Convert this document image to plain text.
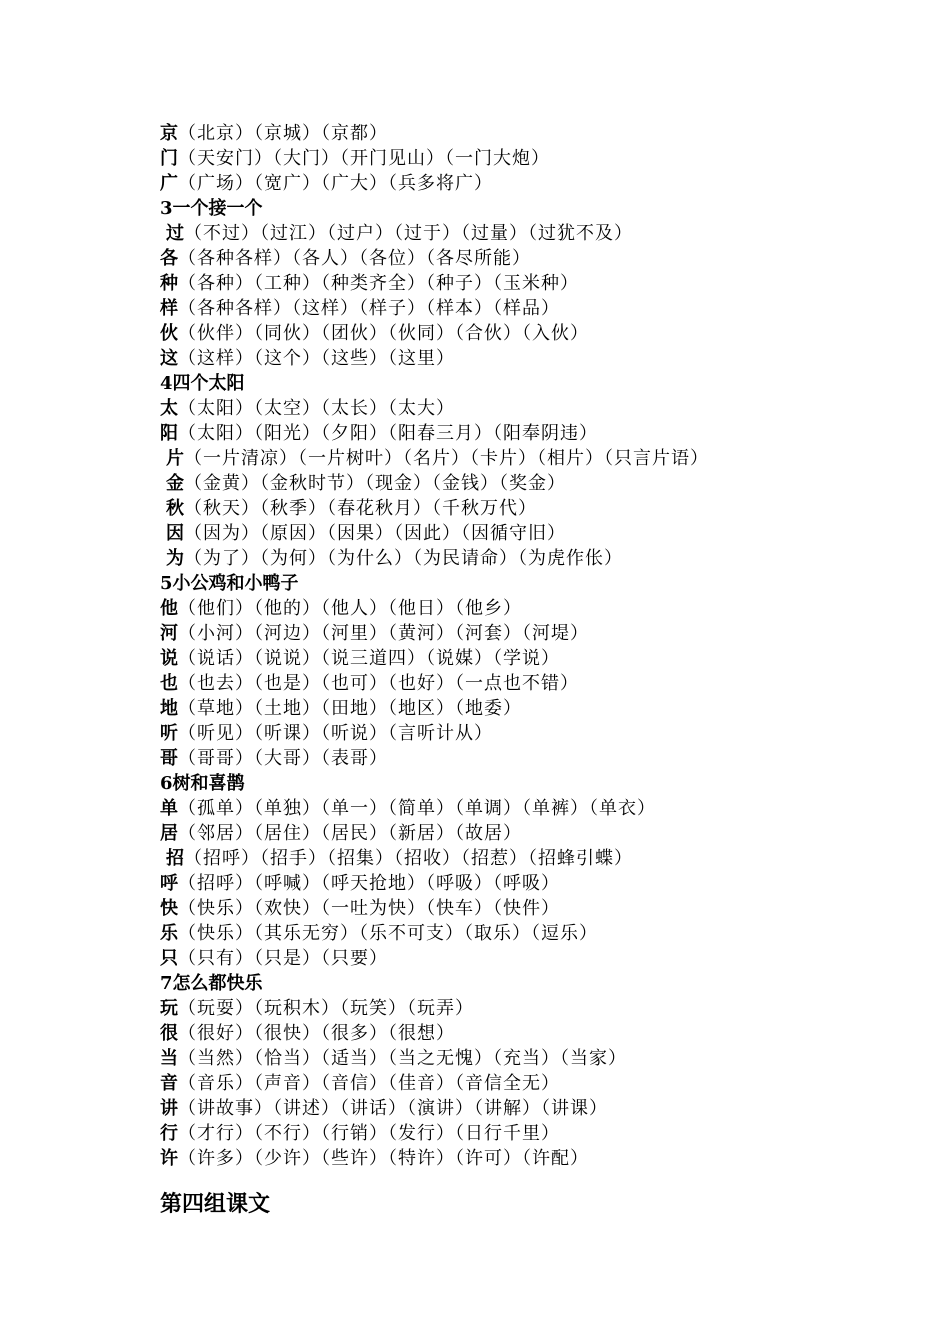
京（北京）（京城）（京都）
门（天安门）（大门）（开门见山）（一门大炮）
广（广场）（宽广）（广大）（兵多将广）
3一个接一个
过（不过）（过江）（过户）（过于）（过量）（过犹不及）
各（各种各样）（各人）（各位）（各尽所能）
种（各种）（工种）（种类齐全）（种子）（玉米种）
样（各种各样）（这样）（样子）（样本）（样品）
伙（伙伴）（同伙）（团伙）（伙同）（合伙）（入伙）
这（这样）（这个）（这些）（这里）
4四个太阳
太（太阳）（太空）（太长）（太大）
阳（太阳）（阳光）（夕阳）（阳春三月）（阳奉阴违）
片（一片清凉）（一片树叶）（名片）（卡片）（相片）（只言片语）
金（金黄）（金秋时节）（现金）（金钱）（奖金）
秋（秋天）（秋季）（春花秋月）（千秋万代）
因（因为）（原因）（因果）（因此）（因循守旧）
为（为了）（为何）（为什么）（为民请命）（为虎作伥）
5小公鸡和小鸭子
他（他们）（他的）（他人）（他日）（他乡）
河（小河）（河边）（河里）（黄河）（河套）（河堤）
说（说话）（说说）（说三道四）（说媒）（学说）
也（也去）（也是）（也可）（也好）（一点也不错）
地（草地）（土地）（田地）（地区）（地委）
听（听见）（听课）（听说）（言听计从）
哥（哥哥）（大哥）（表哥）
6树和喜鹊
单（孤单）（单独）（单一）（简单）（单调）（单裤）（单衣）
居（邻居）（居住）（居民）（新居）（故居）
招（招呼）（招手）（招集）（招收）（招惹）（招蜂引蝶）
呼（招呼）（呼喊）（呼天抢地）（呼吸）（呼吸）
快（快乐）（欢快）（一吐为快）（快车）（快件）
乐（快乐）（其乐无穷）（乐不可支）（取乐）（逗乐）
只（只有）（只是）（只要）
7怎么都快乐
玩（玩耍）（玩积木）（玩笑）（玩弄）
很（很好）（很快）（很多）（很想）
当（当然）（恰当）（适当）（当之无愧）（充当）（当家）
音（音乐）（声音）（音信）（佳音）（音信全无）
讲（讲故事）（讲述）（讲话）（演讲）（讲解）（讲课）
行（才行）（不行）（行销）（发行）（日行千里）
许（许多）（少许）（些许）（特许）（许可）（许配）
第四组课文
